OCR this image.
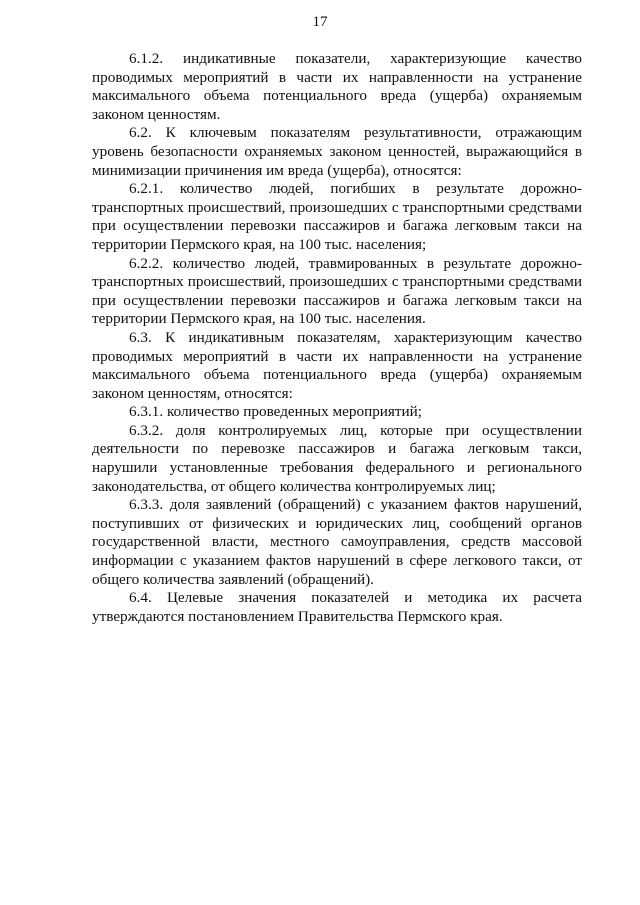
17

6.1.2. индикативные показатели, характеризующие качество проводимых мероприятий в части их направленности на устранение максимального объема потенциального вреда (ущерба) охраняемым законом ценностям.

6.2. К ключевым показателям результативности, отражающим уровень безопасности охраняемых законом ценностей, выражающийся в минимизации причинения им вреда (ущерба), относятся:

6.2.1. количество людей, погибших в результате дорожно-транспортных происшествий, произошедших с транспортными средствами при осуществлении перевозки пассажиров и багажа легковым такси на территории Пермского края, на 100 тыс. населения;

6.2.2. количество людей, травмированных в результате дорожно-транспортных происшествий, произошедших с транспортными средствами при осуществлении перевозки пассажиров и багажа легковым такси на территории Пермского края, на 100 тыс. населения.

6.3. К индикативным показателям, характеризующим качество проводимых мероприятий в части их направленности на устранение максимального объема потенциального вреда (ущерба) охраняемым законом ценностям, относятся:

6.3.1. количество проведенных мероприятий;

6.3.2. доля контролируемых лиц, которые при осуществлении деятельности по перевозке пассажиров и багажа легковым такси, нарушили установленные требования федерального и регионального законодательства, от общего количества контролируемых лиц;

6.3.3. доля заявлений (обращений) с указанием фактов нарушений, поступивших от физических и юридических лиц, сообщений органов государственной власти, местного самоуправления, средств массовой информации с указанием фактов нарушений в сфере легкового такси, от общего количества заявлений (обращений).

6.4. Целевые значения показателей и методика их расчета утверждаются постановлением Правительства Пермского края.
